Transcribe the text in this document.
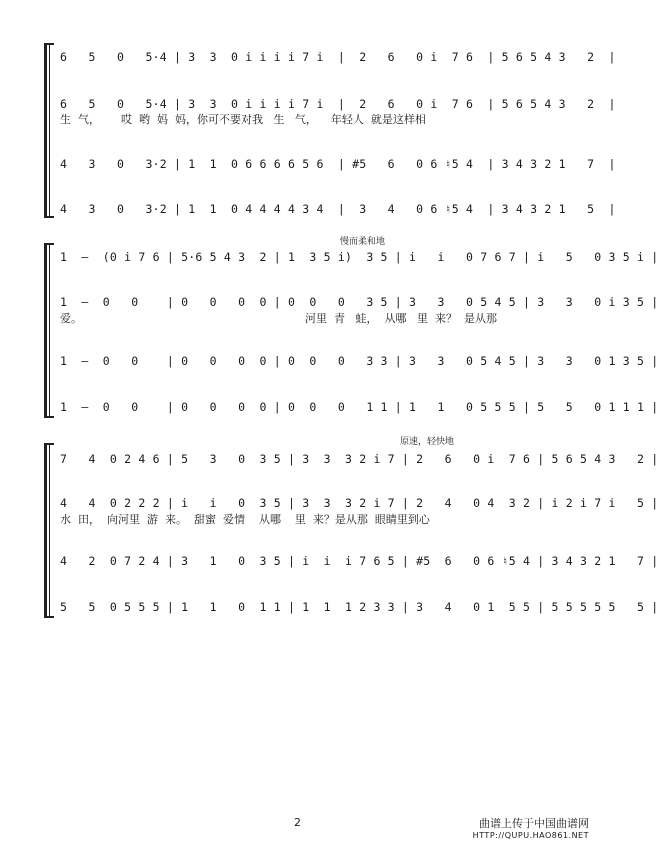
6   5   0   5·4 | 3  3  0 i i i i 7 i  |  2   6   0 i  7 6  | 5 6 5 4 3   2  |
6   5   0   5·4 | 3  3  0 i i i i 7 i  |  2   6   0 i  7 6  | 5 6 5 4 3   2  |
生  气，      哎  哟  妈  妈，你可不要对我   生   气，    年轻人  就是这样相
4   3   0   3·2 | 1  1  0 6 6 6 6 5 6  | #5   6   0 6 ♮5 4  | 3 4 3 2 1   7  |
4   3   0   3·2 | 1  1  0 4 4 4 4 3 4  |  3   4   0 6 ♮5 4  | 3 4 3 2 1   5  |
慢而柔和地
1  —  (0 i 7 6 | 5·6 5 4 3  2 | 1  3 5 i)  3 5 | i   i   0 7 6 7 | i   5   0 3 5 i |
1  —  0   0    | 0   0   0  0 | 0  0   0   3 5 | 3   3   0 5 4 5 | 3   3   0 i 3 5 |
爱。	河里  青   蛙，  从哪   里  来？  是从那
1  —  0   0    | 0   0   0  0 | 0  0   0   3 3 | 3   3   0 5 4 5 | 3   3   0 1 3 5 |
1  —  0   0    | 0   0   0  0 | 0  0   0   1 1 | 1   1   0 5 5 5 | 5   5   0 1 1 1 |
原速，轻快地
7   4  0 2 4 6 | 5   3   0  3 5 | 3  3  3 2 i 7 | 2   6   0 i  7 6 | 5 6 5 4 3   2 |
4   4  0 2 2 2 | i   i   0  3 5 | 3  3  3 2 i 7 | 2   4   0 4  3 2 | i 2 i 7 i   5 |
水  田，  向河里  游  来。  甜蜜  爱情    从哪    里  来？是从那  眼睛里到心
4   2  0 7 2 4 | 3   1   0  3 5 | i  i  i 7 6 5 | #5  6   0 6 ♮5 4 | 3 4 3 2 1   7 |
5   5  0 5 5 5 | 1   1   0  1 1 | 1  1  1 2 3 3 | 3   4   0 1  5 5 | 5 5 5 5 5   5 |
2	曲谱上传于中国曲谱网
HTTP://QUPU.HAO861.NET
